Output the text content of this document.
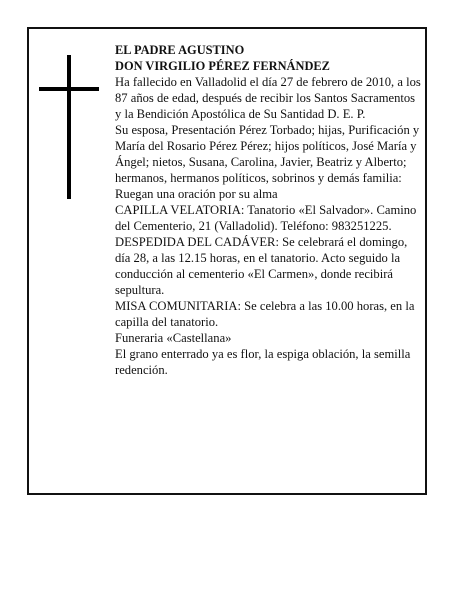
EL PADRE AGUSTINO

DON VIRGILIO PÉREZ FERNÁNDEZ

Ha fallecido en Valladolid el día 27 de febrero de 2010, a los 87 años de edad, después de recibir los Santos Sacramentos y la Bendición Apostólica de Su Santidad D. E. P.

Su esposa, Presentación Pérez Torbado; hijas, Purificación y María del Rosario Pérez Pérez; hijos políticos, José María y Ángel; nietos, Susana, Carolina, Javier, Beatriz y Alberto; hermanos, hermanos políticos, sobrinos y demás familia:

Ruegan una oración por su alma

CAPILLA VELATORIA: Tanatorio «El Salvador». Camino del Cementerio, 21 (Valladolid). Teléfono: 983251225.

DESPEDIDA DEL CADÁVER: Se celebrará el domingo, día 28, a las 12.15 horas, en el tanatorio. Acto seguido la conducción al cementerio «El Carmen», donde recibirá sepultura.

MISA COMUNITARIA: Se celebra a las 10.00 horas, en la capilla del tanatorio.

Funeraria «Castellana»

El grano enterrado ya es flor, la espiga oblación, la semilla redención.
